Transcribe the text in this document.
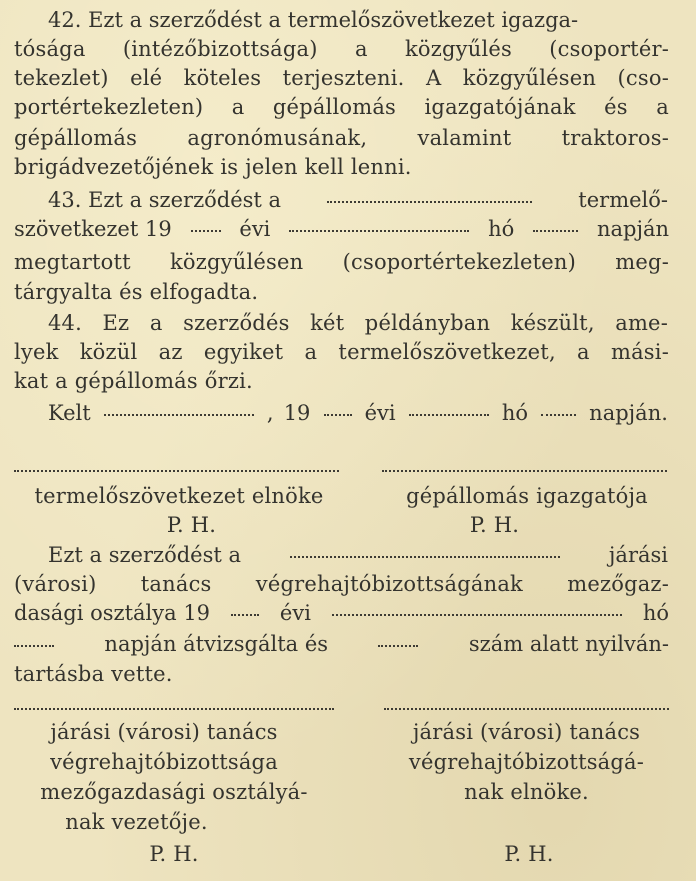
42. Ezt a szerződést a termelőszövetkezet igazga-
tósága (intézőbizottsága) a közgyűlés (csoportér-
tekezlet) elé köteles terjeszteni. A közgyűlésen (cso-
portértekezleten) a gépállomás igazgatójának és a
gépállomás agronómusának, valamint traktoros-
brigádvezetőjének is jelen kell lenni.
43. Ezt a szerződést a	termelő-
szövetkezet 19	évi	hó	napján
megtartott közgyűlésen (csoportértekezleten) meg-
tárgyalta és elfogadta.
44. Ez a szerződés két példányban készült, ame-
lyek közül az egyiket a termelőszövetkezet, a mási-
kat a gépállomás őrzi.
Kelt	, 19	évi	hó	napján.
termelőszövetkezet elnöke	gépállomás igazgatója
P. H.	P. H.
Ezt a szerződést a	járási
(városi) tanács végrehajtóbizottságának mezőgaz-
dasági osztálya 19	évi	hó
napján átvizsgálta és	szám alatt nyilván-
tartásba vette.
járási (városi) tanács
végrehajtóbizottsága
mezőgazdasági osztályá-
nak vezetője.
P. H.
járási (városi) tanács
végrehajtóbizottságá-
nak elnöke.
P. H.
